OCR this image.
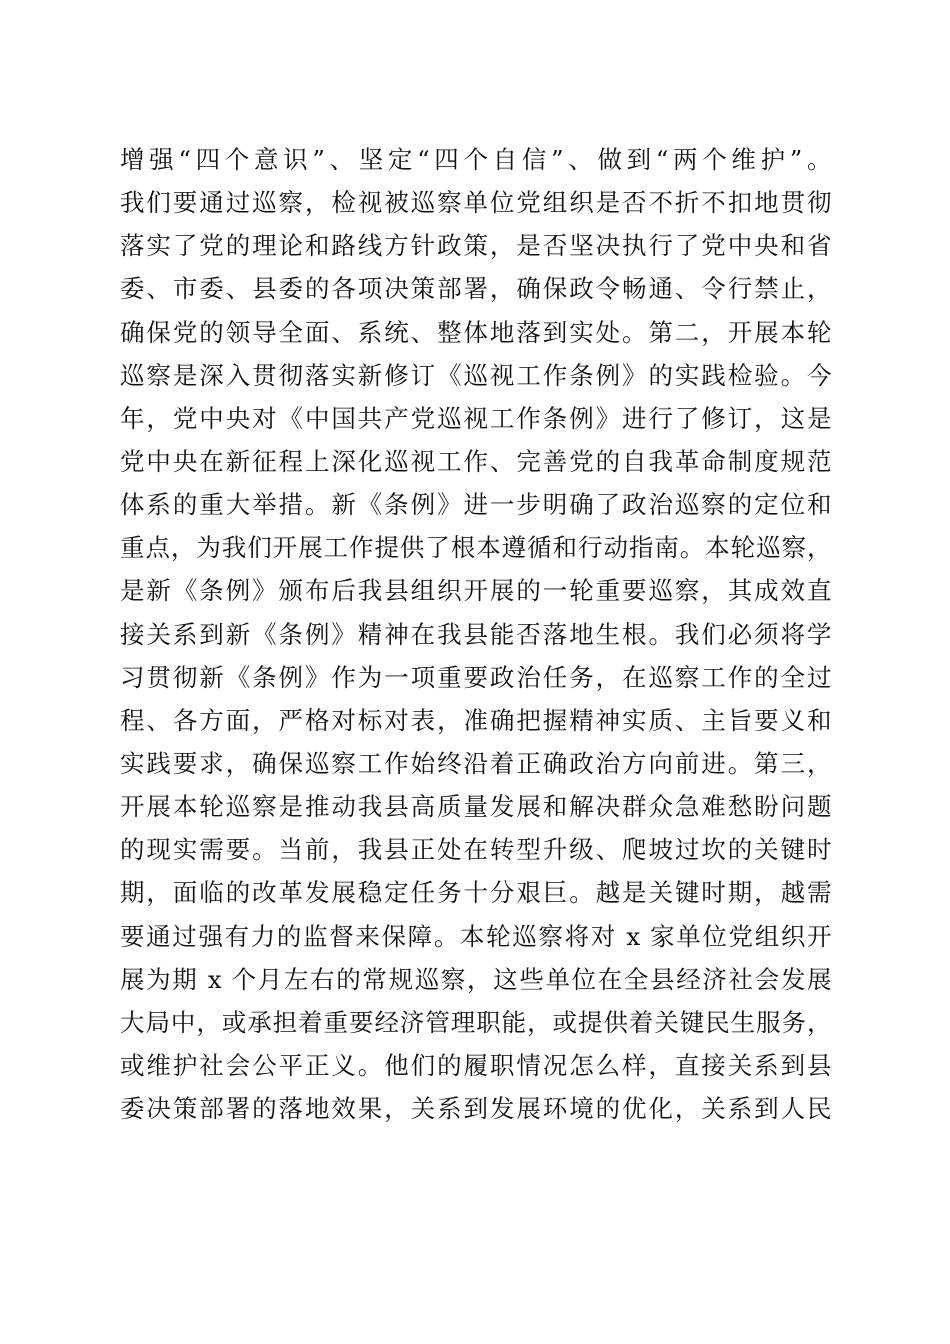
增强“四个意识”、坚定“四个自信”、做到“两个维护”。
我们要通过巡察，检视被巡察单位党组织是否不折不扣地贯彻
落实了党的理论和路线方针政策，是否坚决执行了党中央和省
委、市委、县委的各项决策部署，确保政令畅通、令行禁止，
确保党的领导全面、系统、整体地落到实处。第二，开展本轮
巡察是深入贯彻落实新修订《巡视工作条例》的实践检验。今
年，党中央对《中国共产党巡视工作条例》进行了修订，这是
党中央在新征程上深化巡视工作、完善党的自我革命制度规范
体系的重大举措。新《条例》进一步明确了政治巡察的定位和
重点，为我们开展工作提供了根本遵循和行动指南。本轮巡察，
是新《条例》颁布后我县组织开展的一轮重要巡察，其成效直
接关系到新《条例》精神在我县能否落地生根。我们必须将学
习贯彻新《条例》作为一项重要政治任务，在巡察工作的全过
程、各方面，严格对标对表，准确把握精神实质、主旨要义和
实践要求，确保巡察工作始终沿着正确政治方向前进。第三，
开展本轮巡察是推动我县高质量发展和解决群众急难愁盼问题
的现实需要。当前，我县正处在转型升级、爬坡过坎的关键时
期，面临的改革发展稳定任务十分艰巨。越是关键时期，越需
要通过强有力的监督来保障。本轮巡察将对 x 家单位党组织开
展为期 x 个月左右的常规巡察，这些单位在全县经济社会发展
大局中，或承担着重要经济管理职能，或提供着关键民生服务，
或维护社会公平正义。他们的履职情况怎么样，直接关系到县
委决策部署的落地效果，关系到发展环境的优化，关系到人民
